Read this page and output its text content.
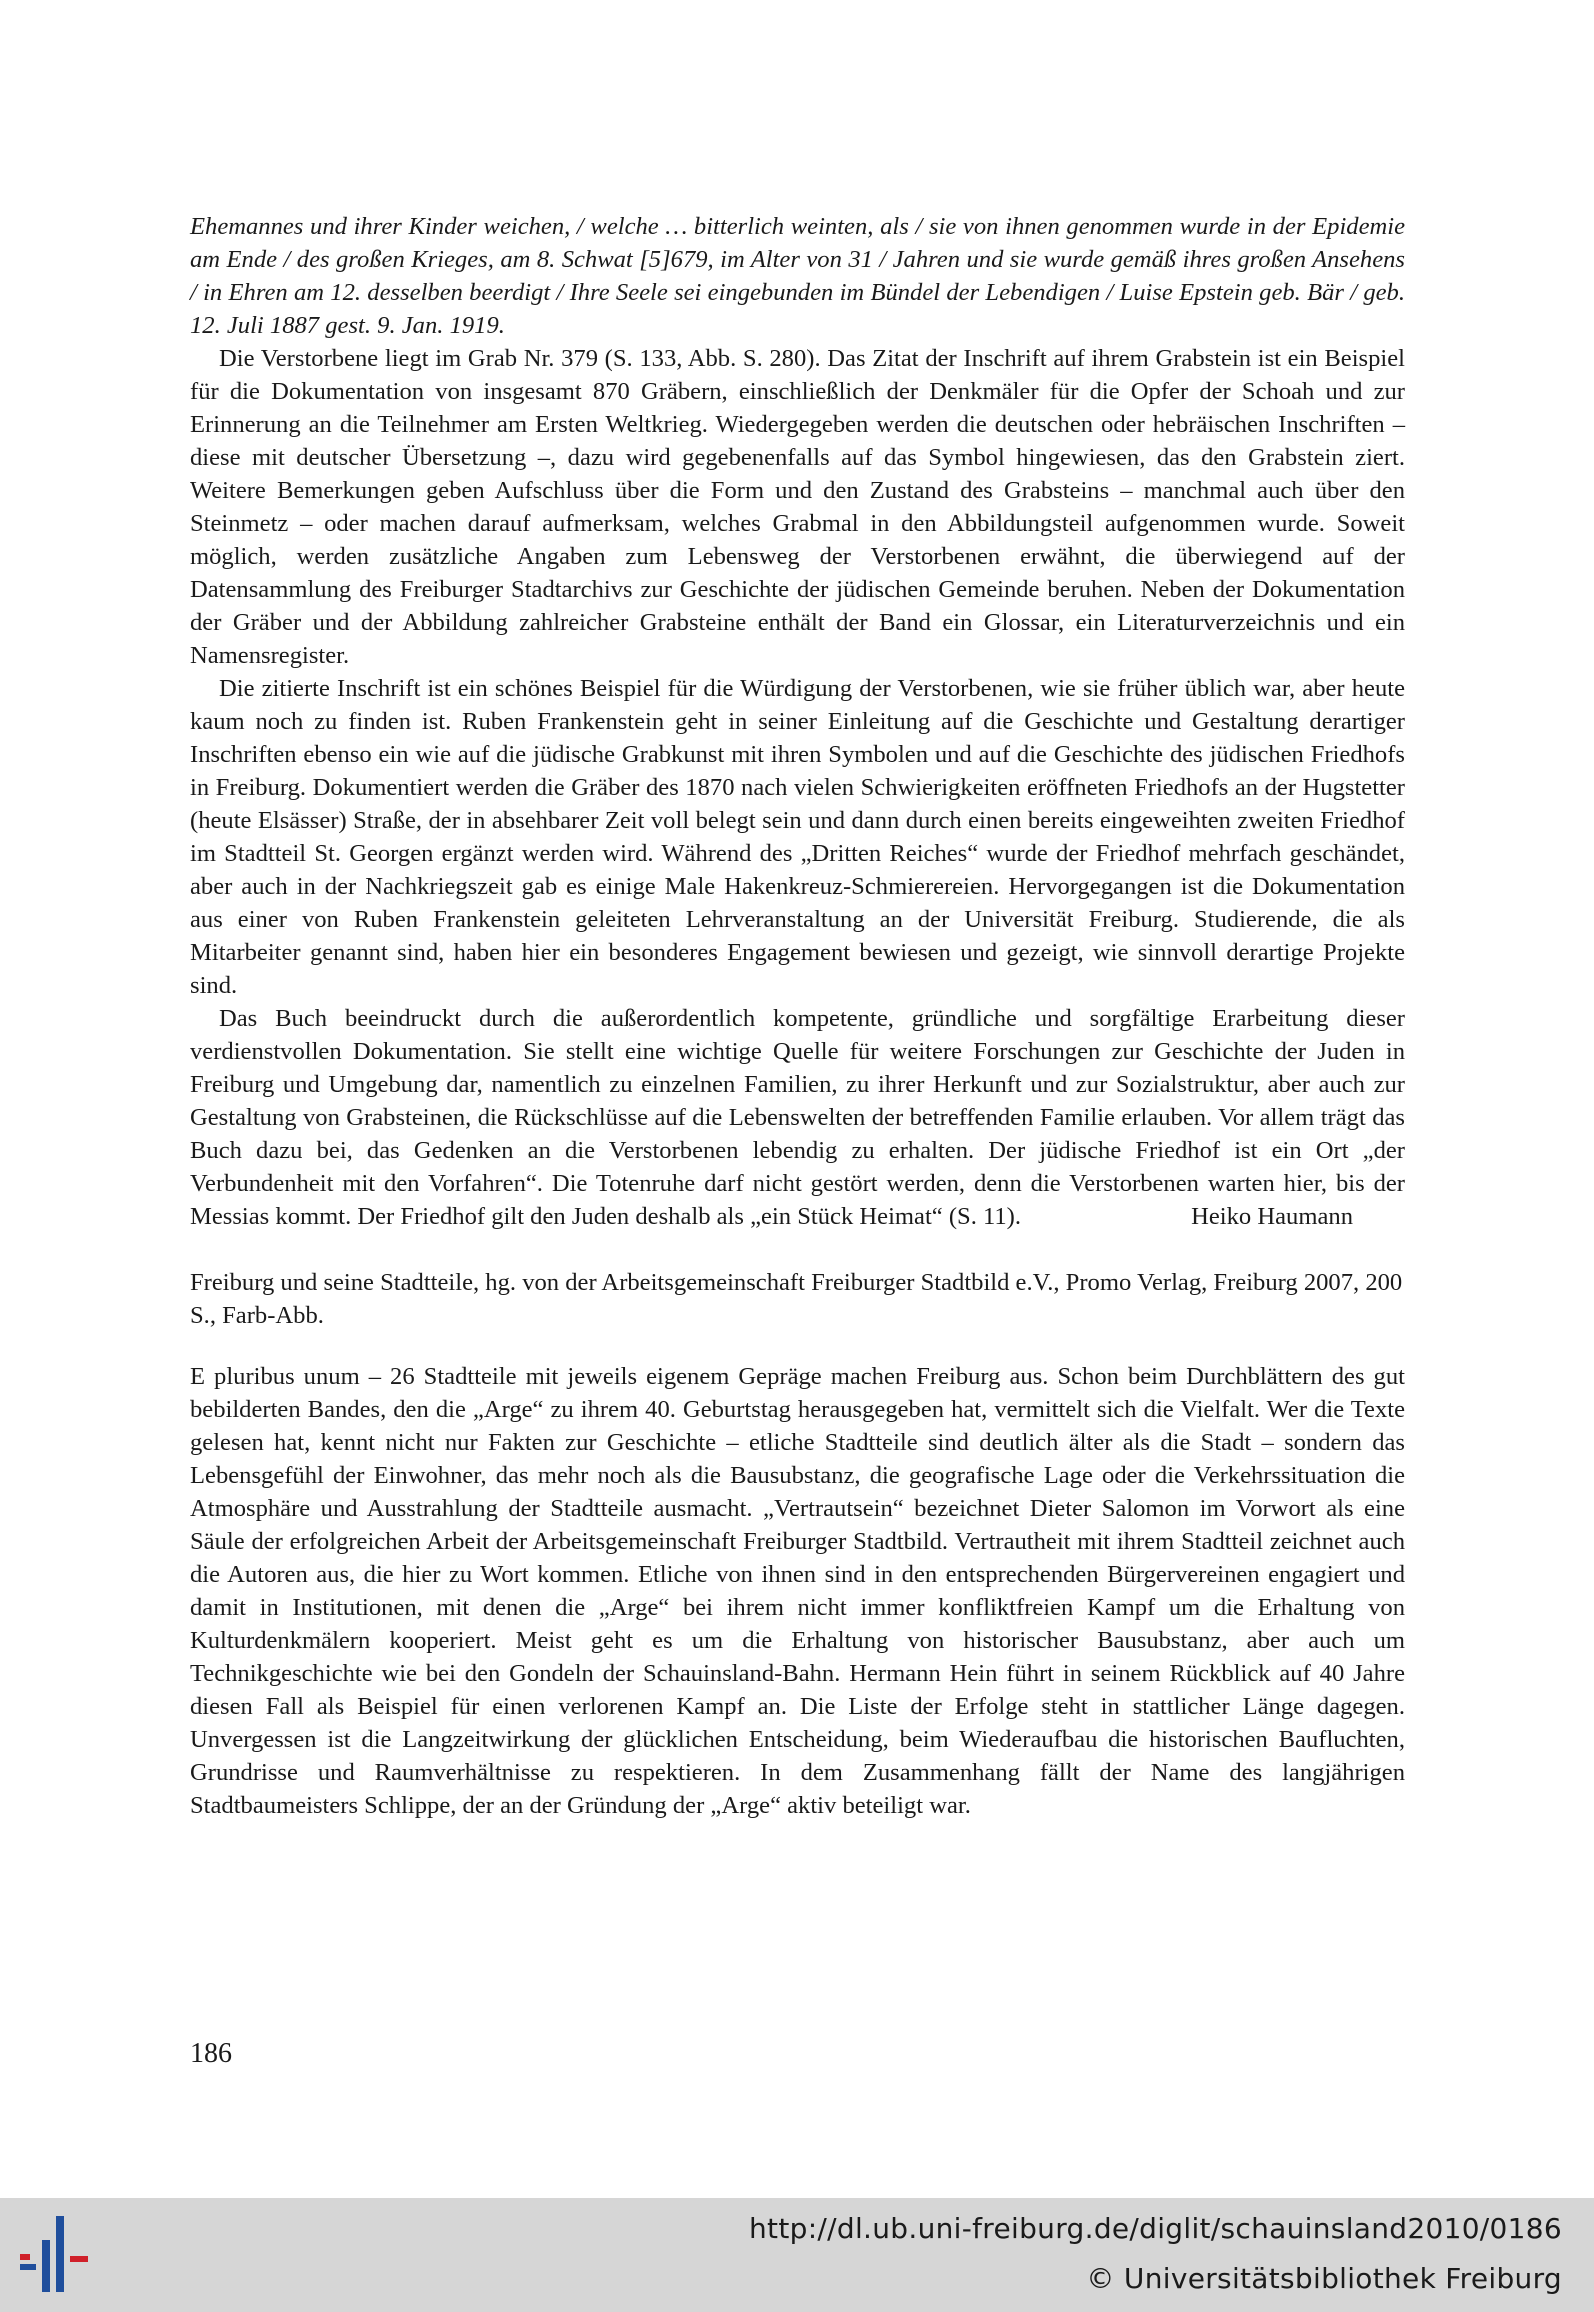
Ehemannes und ihrer Kinder weichen, / welche … bitterlich weinten, als / sie von ihnen genommen wurde in der Epidemie am Ende / des großen Krieges, am 8. Schwat [5]679, im Alter von 31 / Jahren und sie wurde gemäß ihres großen Ansehens / in Ehren am 12. desselben beerdigt / Ihre Seele sei eingebunden im Bündel der Lebendigen / Luise Epstein geb. Bär / geb. 12. Juli 1887 gest. 9. Jan. 1919.

Die Verstorbene liegt im Grab Nr. 379 (S. 133, Abb. S. 280). Das Zitat der Inschrift auf ihrem Grabstein ist ein Beispiel für die Dokumentation von insgesamt 870 Gräbern, einschließlich der Denkmäler für die Opfer der Schoah und zur Erinnerung an die Teilnehmer am Ersten Weltkrieg. Wiedergegeben werden die deutschen oder hebräischen Inschriften – diese mit deutscher Übersetzung –, dazu wird gegebenenfalls auf das Symbol hingewiesen, das den Grabstein ziert. Weitere Bemerkungen geben Aufschluss über die Form und den Zustand des Grabsteins – manchmal auch über den Steinmetz – oder machen darauf aufmerksam, welches Grabmal in den Abbildungsteil aufgenommen wurde. Soweit möglich, werden zusätzliche Angaben zum Lebensweg der Verstorbenen erwähnt, die überwiegend auf der Datensammlung des Freiburger Stadtarchivs zur Geschichte der jüdischen Gemeinde beruhen. Neben der Dokumentation der Gräber und der Abbildung zahlreicher Grabsteine enthält der Band ein Glossar, ein Literaturverzeichnis und ein Namensregister.

Die zitierte Inschrift ist ein schönes Beispiel für die Würdigung der Verstorbenen, wie sie früher üblich war, aber heute kaum noch zu finden ist. Ruben Frankenstein geht in seiner Einleitung auf die Geschichte und Gestaltung derartiger Inschriften ebenso ein wie auf die jüdische Grabkunst mit ihren Symbolen und auf die Geschichte des jüdischen Friedhofs in Freiburg. Dokumentiert werden die Gräber des 1870 nach vielen Schwierigkeiten eröffneten Friedhofs an der Hugstetter (heute Elsässer) Straße, der in absehbarer Zeit voll belegt sein und dann durch einen bereits eingeweihten zweiten Friedhof im Stadtteil St. Georgen ergänzt werden wird. Während des „Dritten Reiches“ wurde der Friedhof mehrfach geschändet, aber auch in der Nachkriegszeit gab es einige Male Hakenkreuz-Schmierereien. Hervorgegangen ist die Dokumentation aus einer von Ruben Frankenstein geleiteten Lehrveranstaltung an der Universität Freiburg. Studierende, die als Mitarbeiter genannt sind, haben hier ein besonderes Engagement bewiesen und gezeigt, wie sinnvoll derartige Projekte sind.

Das Buch beeindruckt durch die außerordentlich kompetente, gründliche und sorgfältige Erarbeitung dieser verdienstvollen Dokumentation. Sie stellt eine wichtige Quelle für weitere Forschungen zur Geschichte der Juden in Freiburg und Umgebung dar, namentlich zu einzelnen Familien, zu ihrer Herkunft und zur Sozialstruktur, aber auch zur Gestaltung von Grabsteinen, die Rückschlüsse auf die Lebenswelten der betreffenden Familie erlauben. Vor allem trägt das Buch dazu bei, das Gedenken an die Verstorbenen lebendig zu erhalten. Der jüdische Friedhof ist ein Ort „der Verbundenheit mit den Vorfahren“. Die Totenruhe darf nicht gestört werden, denn die Verstorbenen warten hier, bis der Messias kommt. Der Friedhof gilt den Juden deshalb als „ein Stück Heimat“ (S. 11).	Heiko Haumann

Freiburg und seine Stadtteile, hg. von der Arbeitsgemeinschaft Freiburger Stadtbild e.V., Promo Verlag, Freiburg 2007, 200 S., Farb-Abb.

E pluribus unum – 26 Stadtteile mit jeweils eigenem Gepräge machen Freiburg aus. Schon beim Durchblättern des gut bebilderten Bandes, den die „Arge“ zu ihrem 40. Geburtstag herausgegeben hat, vermittelt sich die Vielfalt. Wer die Texte gelesen hat, kennt nicht nur Fakten zur Geschichte – etliche Stadtteile sind deutlich älter als die Stadt – sondern das Lebensgefühl der Einwohner, das mehr noch als die Bausubstanz, die geografische Lage oder die Verkehrssituation die Atmosphäre und Ausstrahlung der Stadtteile ausmacht. „Vertrautsein“ bezeichnet Dieter Salomon im Vorwort als eine Säule der erfolgreichen Arbeit der Arbeitsgemeinschaft Freiburger Stadtbild. Vertrautheit mit ihrem Stadtteil zeichnet auch die Autoren aus, die hier zu Wort kommen. Etliche von ihnen sind in den entsprechenden Bürgervereinen engagiert und damit in Institutionen, mit denen die „Arge“ bei ihrem nicht immer konfliktfreien Kampf um die Erhaltung von Kulturdenkmälern kooperiert. Meist geht es um die Erhaltung von historischer Bausubstanz, aber auch um Technikgeschichte wie bei den Gondeln der Schauinsland-Bahn. Hermann Hein führt in seinem Rückblick auf 40 Jahre diesen Fall als Beispiel für einen verlorenen Kampf an. Die Liste der Erfolge steht in stattlicher Länge dagegen. Unvergessen ist die Langzeitwirkung der glücklichen Entscheidung, beim Wiederaufbau die historischen Baufluchten, Grundrisse und Raumverhältnisse zu respektieren. In dem Zusammenhang fällt der Name des langjährigen Stadtbaumeisters Schlippe, der an der Gründung der „Arge“ aktiv beteiligt war.

186
http://dl.ub.uni-freiburg.de/diglit/schauinsland2010/0186
© Universitätsbibliothek Freiburg
